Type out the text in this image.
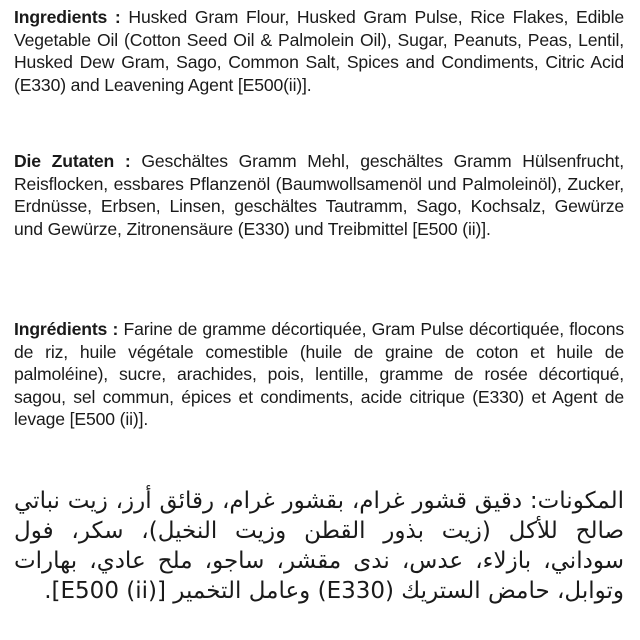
Ingredients : Husked Gram Flour, Husked Gram Pulse, Rice Flakes, Edible Vegetable Oil (Cotton Seed Oil & Palmolein Oil), Sugar, Peanuts, Peas, Lentil, Husked Dew Gram, Sago, Common Salt, Spices and Condiments, Citric Acid (E330) and Leavening Agent [E500(ii)].
Die Zutaten : Geschältes Gramm Mehl, geschältes Gramm Hülsenfrucht, Reisflocken, essbares Pflanzenöl (Baumwollsamenöl und Palmoleinöl), Zucker, Erdnüsse, Erbsen, Linsen, geschältes Tautramm, Sago, Kochsalz, Gewürze und Gewürze, Zitronensäure (E330) und Treibmittel [E500 (ii)].
Ingrédients : Farine de gramme décortiquée, Gram Pulse décortiquée, flocons de riz, huile végétale comestible (huile de graine de coton et huile de palmoléine), sucre, arachides, pois, lentille, gramme de rosée décortiqué, sagou, sel commun, épices et condiments, acide citrique (E330) et Agent de levage [E500 (ii)].
المكونات: دقيق قشور غرام، بقشور غرام، رقائق أرز، زيت نباتي صالح للأكل (زيت بذور القطن وزيت النخيل)، سكر، فول سوداني، بازلاء، عدس، ندى مقشر، ساجو، ملح عادي، بهارات وتوابل، حامض الستريك (E330) وعامل التخمير [E500 (ii)].
